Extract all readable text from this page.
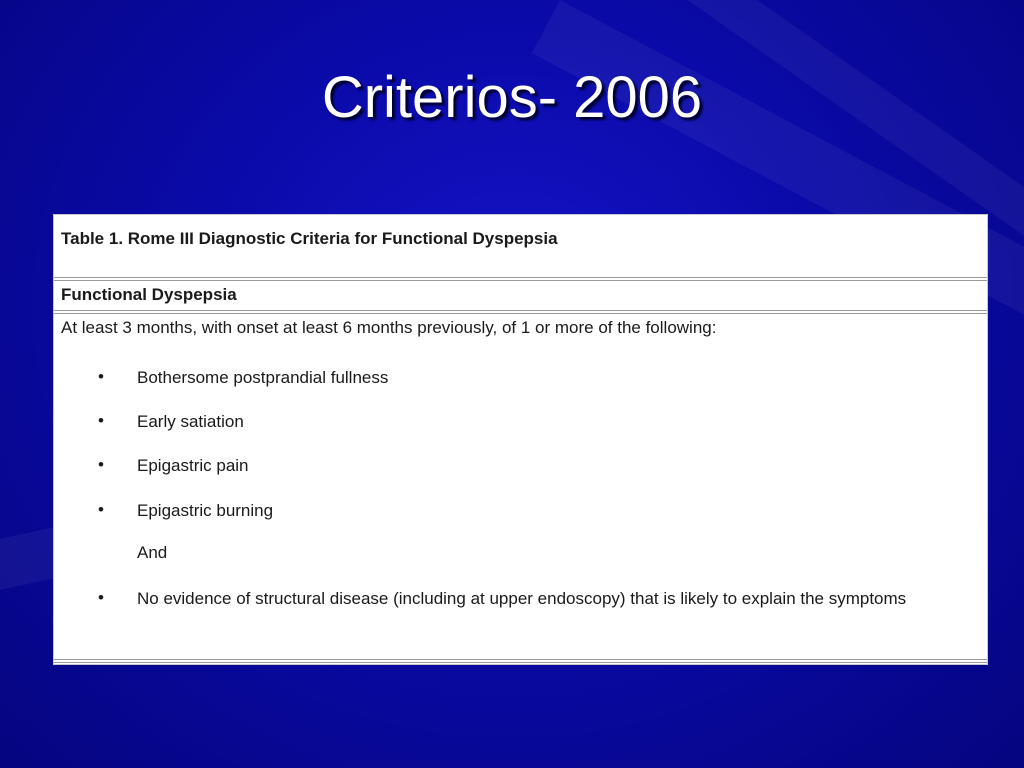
Criterios- 2006
Table 1. Rome III Diagnostic Criteria for Functional Dyspepsia
Functional Dyspepsia
At least 3 months, with onset at least 6 months previously, of 1 or more of the following:
• Bothersome postprandial fullness
• Early satiation
• Epigastric pain
• Epigastric burning
And
• No evidence of structural disease (including at upper endoscopy) that is likely to explain the symptoms
